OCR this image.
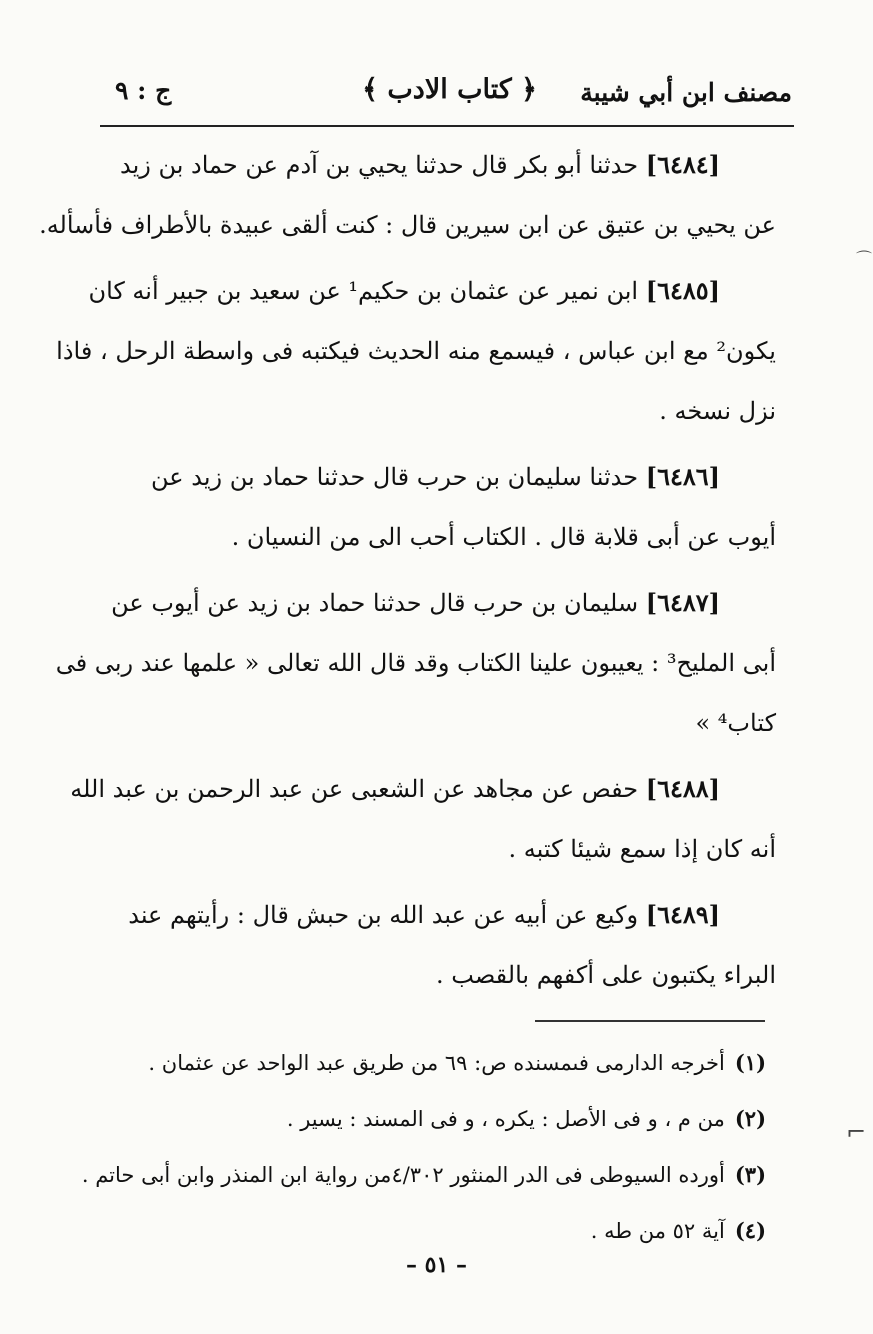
مصنف ابن أبي شيبة
﴿ كتاب الادب ﴾
ج : ٩
[٦٤٨٤] حدثنا أبو بكر قال حدثنا يحيي بن آدم عن حماد بن زيد
عن يحيي بن عتيق عن ابن سيرين قال : كنت ألقى عبيدة بالأطراف فأسأله.
[٦٤٨٥] ابن نمير عن عثمان بن حكيم¹ عن سعيد بن جبير أنه كان
يكون² مع ابن عباس ، فيسمع منه الحديث فيكتبه فى واسطة الرحل ، فاذا
نزل نسخه .
[٦٤٨٦] حدثنا سليمان بن حرب قال حدثنا حماد بن زيد عن
أيوب عن أبى قلابة قال . الكتاب أحب الى من النسيان .
[٦٤٨٧] سليمان بن حرب قال حدثنا حماد بن زيد عن أيوب عن
أبى المليح³ : يعيبون علينا الكتاب وقد قال الله تعالى « علمها عند ربى فى
كتاب⁴ »
[٦٤٨٨] حفص عن مجاهد عن الشعبى عن عبد الرحمن بن عبد الله
أنه كان إذا سمع شيئا كتبه .
[٦٤٨٩] وكيع عن أبيه عن عبد الله بن حبش قال : رأيتهم عند
البراء يكتبون على أكفهم بالقصب .
(١)أخرجه الدارمى فىمسنده ص: ٦٩ من طريق عبد الواحد عن عثمان .
(٢)من م ، و فى الأصل : يكره ، و فى المسند : يسير .
(٣)أورده السيوطى فى الدر المنثور ٤/٣٠٢من رواية ابن المنذر وابن أبى حاتم .
(٤)آية ٥٢ من طه .
– ٥١ –
⌒
⌐
